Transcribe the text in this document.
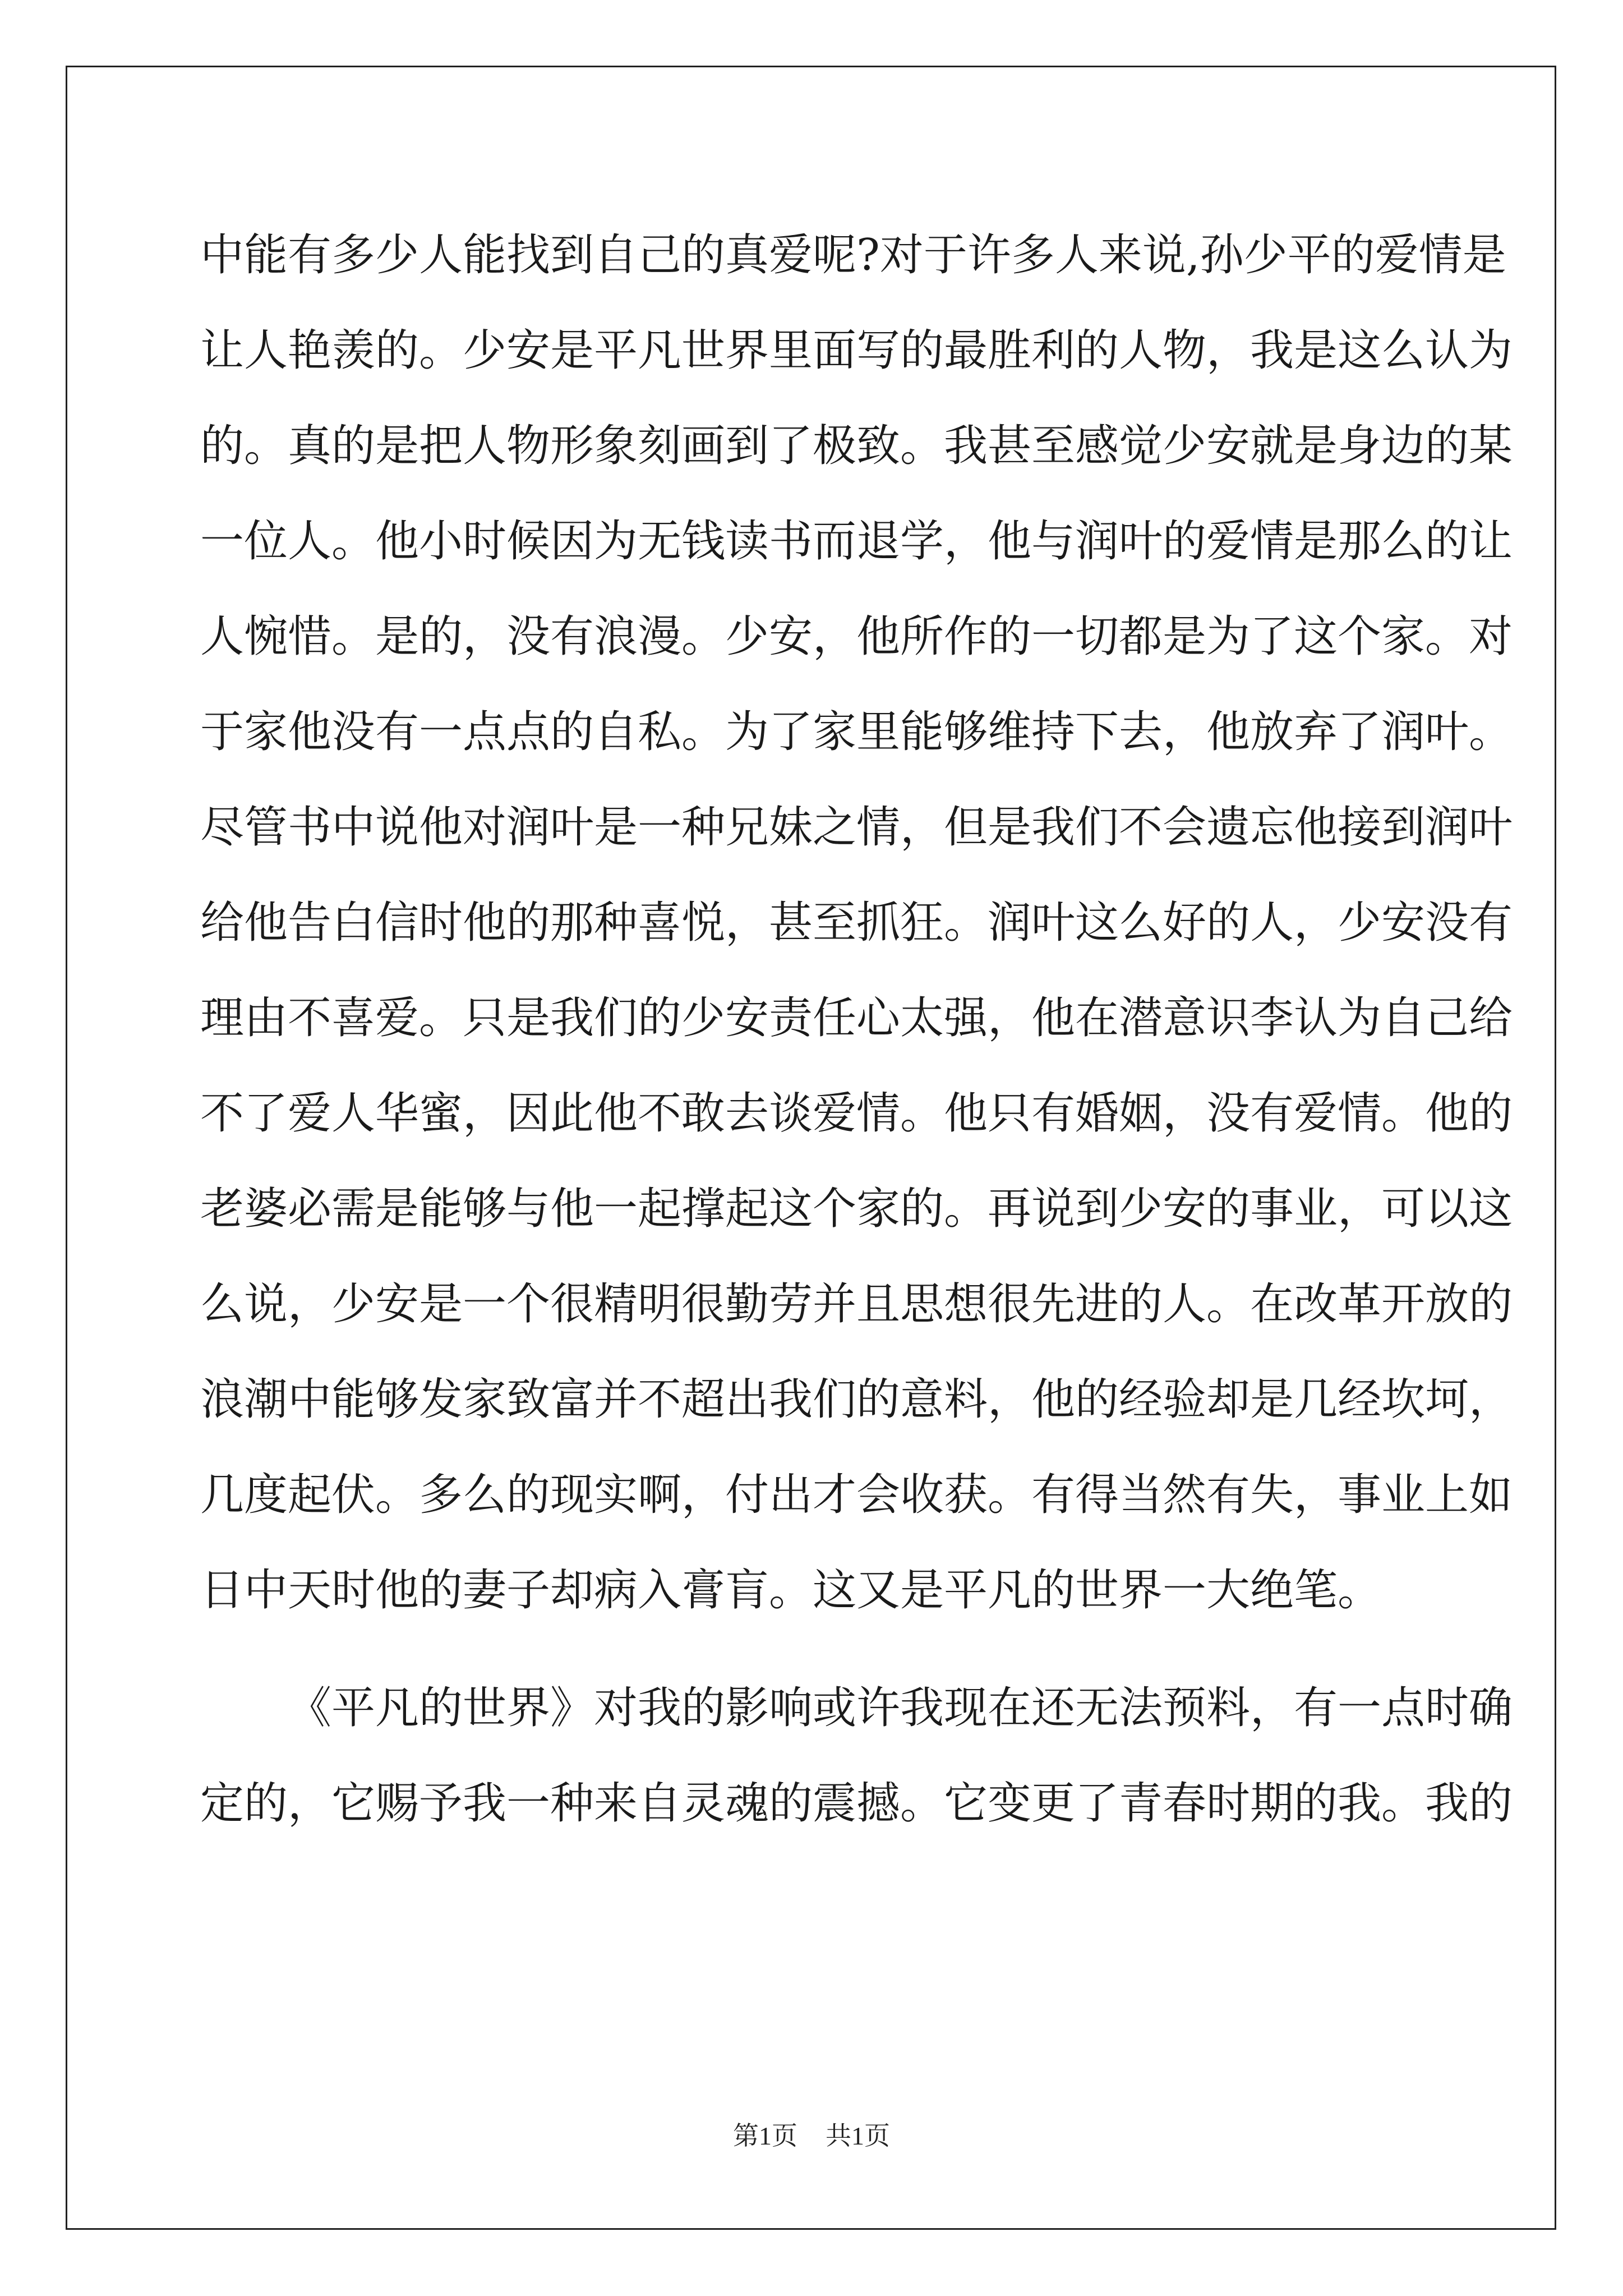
中能有多少人能找到自己的真爱呢?对于许多人来说,孙少平的爱情是
让人艳羡的。少安是平凡世界里面写的最胜利的人物，我是这么认为
的。真的是把人物形象刻画到了极致。我甚至感觉少安就是身边的某
一位人。他小时候因为无钱读书而退学，他与润叶的爱情是那么的让
人惋惜。是的，没有浪漫。少安，他所作的一切都是为了这个家。对
于家他没有一点点的自私。为了家里能够维持下去，他放弃了润叶。
尽管书中说他对润叶是一种兄妹之情，但是我们不会遗忘他接到润叶
给他告白信时他的那种喜悦，甚至抓狂。润叶这么好的人，少安没有
理由不喜爱。只是我们的少安责任心太强，他在潜意识李认为自己给
不了爱人华蜜，因此他不敢去谈爱情。他只有婚姻，没有爱情。他的
老婆必需是能够与他一起撑起这个家的。再说到少安的事业，可以这
么说，少安是一个很精明很勤劳并且思想很先进的人。在改革开放的
浪潮中能够发家致富并不超出我们的意料，他的经验却是几经坎坷，
几度起伏。多么的现实啊，付出才会收获。有得当然有失，事业上如
日中天时他的妻子却病入膏肓。这又是平凡的世界一大绝笔。
《平凡的世界》对我的影响或许我现在还无法预料，有一点时确
定的，它赐予我一种来自灵魂的震撼。它变更了青春时期的我。我的
第1页 共1页
